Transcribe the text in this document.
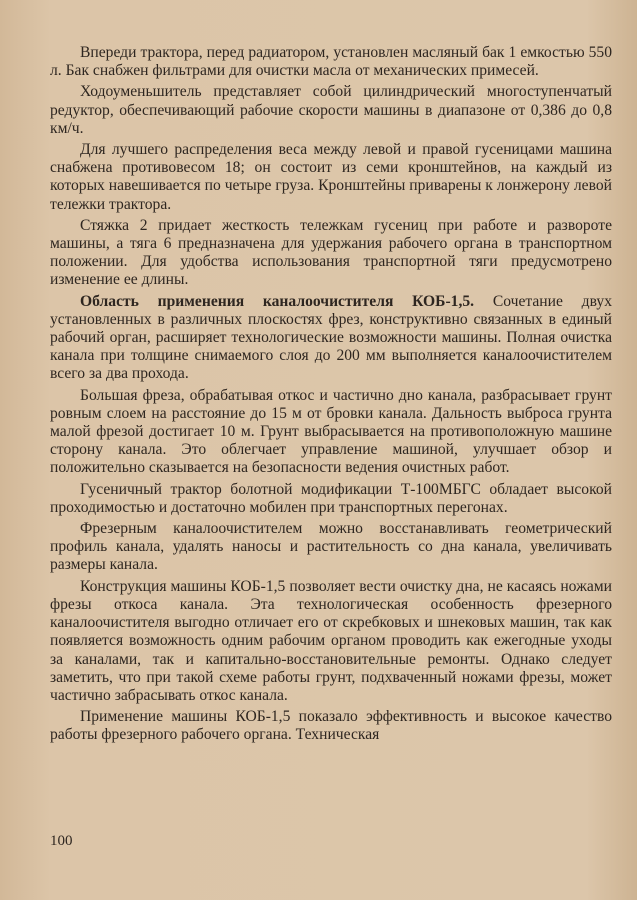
Впереди трактора, перед радиатором, установлен масляный бак 1 емкостью 550 л. Бак снабжен фильтрами для очистки масла от механических примесей.

Ходоуменьшитель представляет собой цилиндрический многоступенчатый редуктор, обеспечивающий рабочие скорости машины в диапазоне от 0,386 до 0,8 км/ч.

Для лучшего распределения веса между левой и правой гусеницами машина снабжена противовесом 18; он состоит из семи кронштейнов, на каждый из которых навешивается по четыре груза. Кронштейны приварены к лонжерону левой тележки трактора.

Стяжка 2 придает жесткость тележкам гусениц при работе и развороте машины, а тяга 6 предназначена для удержания рабочего органа в транспортном положении. Для удобства использования транспортной тяги предусмотрено изменение ее длины.

Область применения каналоочистителя КОБ-1,5. Сочетание двух установленных в различных плоскостях фрез, конструктивно связанных в единый рабочий орган, расширяет технологические возможности машины. Полная очистка канала при толщине снимаемого слоя до 200 мм выполняется каналоочистителем всего за два прохода.

Большая фреза, обрабатывая откос и частично дно канала, разбрасывает грунт ровным слоем на расстояние до 15 м от бровки канала. Дальность выброса грунта малой фрезой достигает 10 м. Грунт выбрасывается на противоположную машине сторону канала. Это облегчает управление машиной, улучшает обзор и положительно сказывается на безопасности ведения очистных работ.

Гусеничный трактор болотной модификации Т-100МБГС обладает высокой проходимостью и достаточно мобилен при транспортных перегонах.

Фрезерным каналоочистителем можно восстанавливать геометрический профиль канала, удалять наносы и растительность со дна канала, увеличивать размеры канала.

Конструкция машины КОБ-1,5 позволяет вести очистку дна, не касаясь ножами фрезы откоса канала. Эта технологическая особенность фрезерного каналоочистителя выгодно отличает его от скребковых и шнековых машин, так как появляется возможность одним рабочим органом проводить как ежегодные уходы за каналами, так и капитально-восстановительные ремонты. Однако следует заметить, что при такой схеме работы грунт, подхваченный ножами фрезы, может частично забрасывать откос канала.

Применение машины КОБ-1,5 показало эффективность и высокое качество работы фрезерного рабочего органа. Техническая

100
